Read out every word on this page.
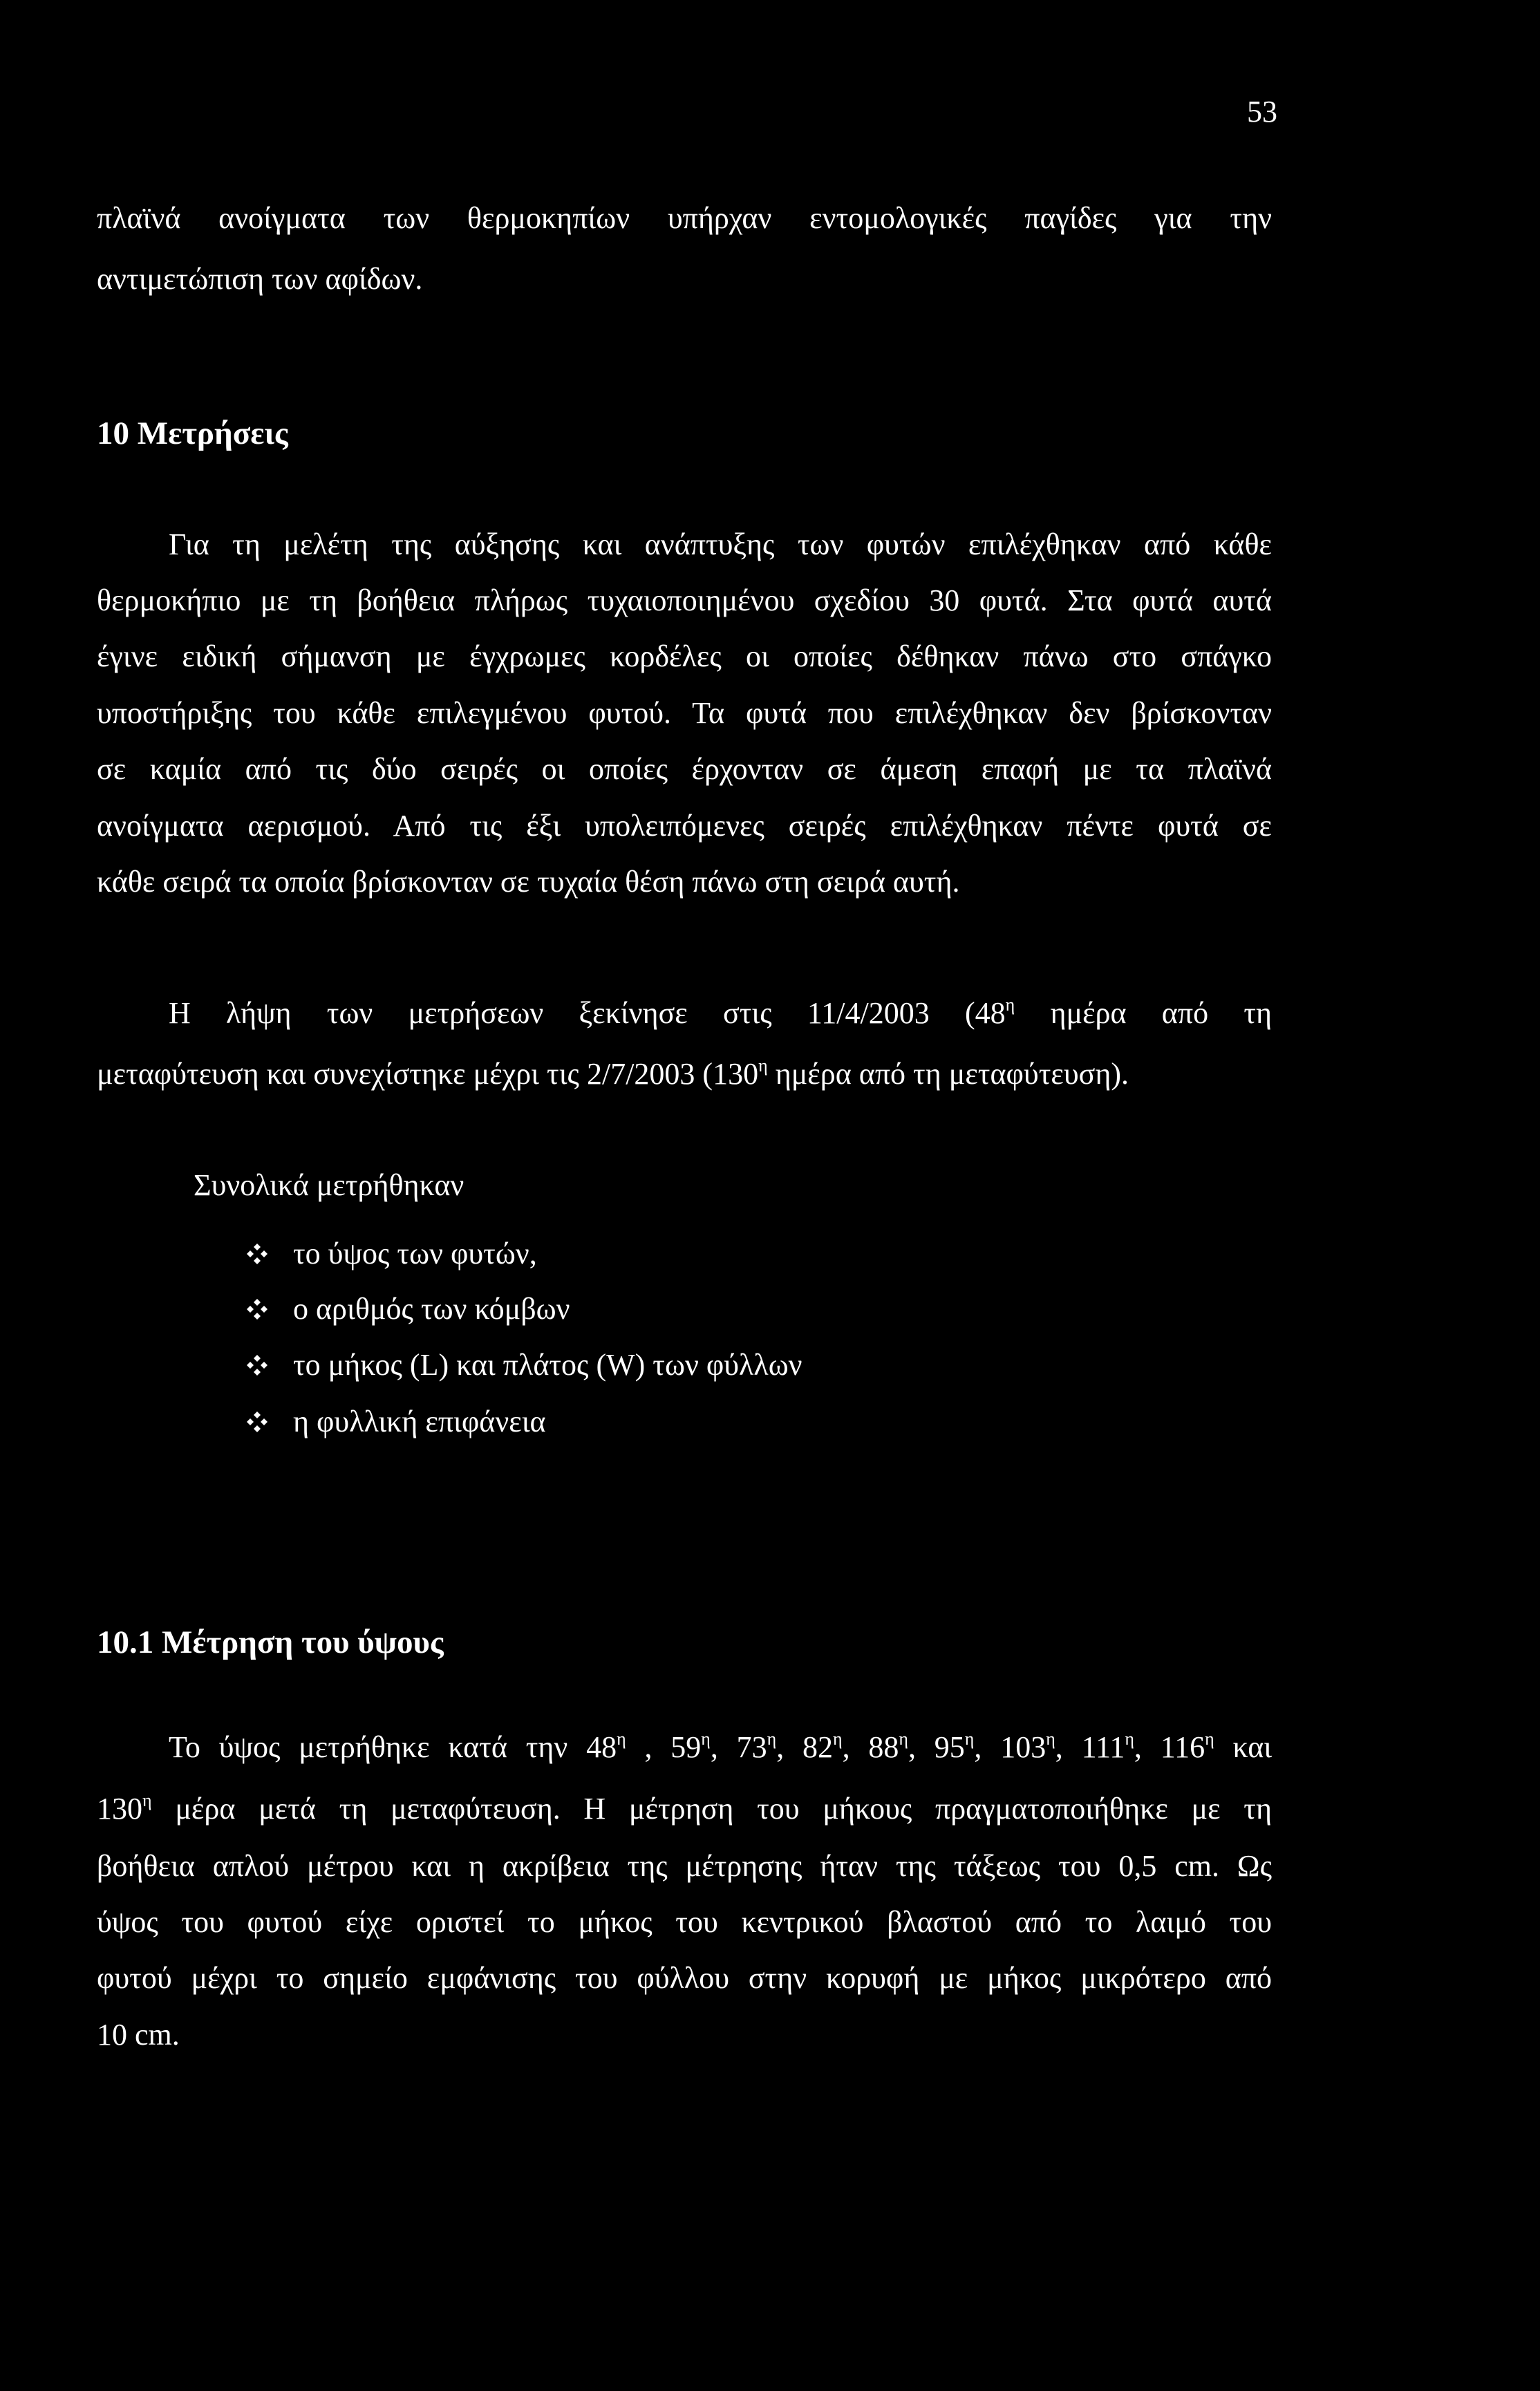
53
πλαϊνά ανοίγματα των θερμοκηπίων υπήρχαν εντομολογικές παγίδες για την
αντιμετώπιση των αφίδων.
10 Μετρήσεις
Για τη μελέτη της αύξησης και ανάπτυξης των φυτών επιλέχθηκαν από κάθε
θερμοκήπιο με τη βοήθεια πλήρως τυχαιοποιημένου σχεδίου 30 φυτά. Στα φυτά αυτά
έγινε ειδική σήμανση με έγχρωμες κορδέλες οι οποίες δέθηκαν πάνω στο σπάγκο
υποστήριξης του κάθε επιλεγμένου φυτού. Τα φυτά που επιλέχθηκαν δεν βρίσκονταν
σε καμία από τις δύο σειρές οι οποίες έρχονταν σε άμεση επαφή με τα πλαϊνά
ανοίγματα αερισμού. Από τις έξι υπολειπόμενες σειρές επιλέχθηκαν πέντε φυτά σε
κάθε σειρά τα οποία βρίσκονταν σε τυχαία θέση πάνω στη σειρά αυτή.
Η λήψη των μετρήσεων ξεκίνησε στις 11/4/2003 ($48^\eta$ ημέρα από τη
μεταφύτευση και συνεχίστηκε μέχρι τις 2/7/2003 ($130^\eta$ ημέρα από τη μεταφύτευση).
Συνολικά μετρήθηκαν
το ύψος των φυτών,
ο αριθμός των κόμβων
το μήκος (L) και πλάτος (W) των φύλλων
η φυλλική επιφάνεια
10.1 Μέτρηση του ύψους
Το ύψος μετρήθηκε κατά την $48^\eta$ , $59^\eta$, $73^\eta$, $82^\eta$, $88^\eta$, $95^\eta$, $103^\eta$, $111^\eta$, $116^\eta$ και
$130^\eta$ μέρα μετά τη μεταφύτευση. Η μέτρηση του μήκους πραγματοποιήθηκε με τη
βοήθεια απλού μέτρου και η ακρίβεια της μέτρησης ήταν της τάξεως του 0,5 cm. Ως
ύψος του φυτού είχε οριστεί το μήκος του κεντρικού βλαστού από το λαιμό του
φυτού μέχρι το σημείο εμφάνισης του φύλλου στην κορυφή με μήκος μικρότερο από
10 cm.
